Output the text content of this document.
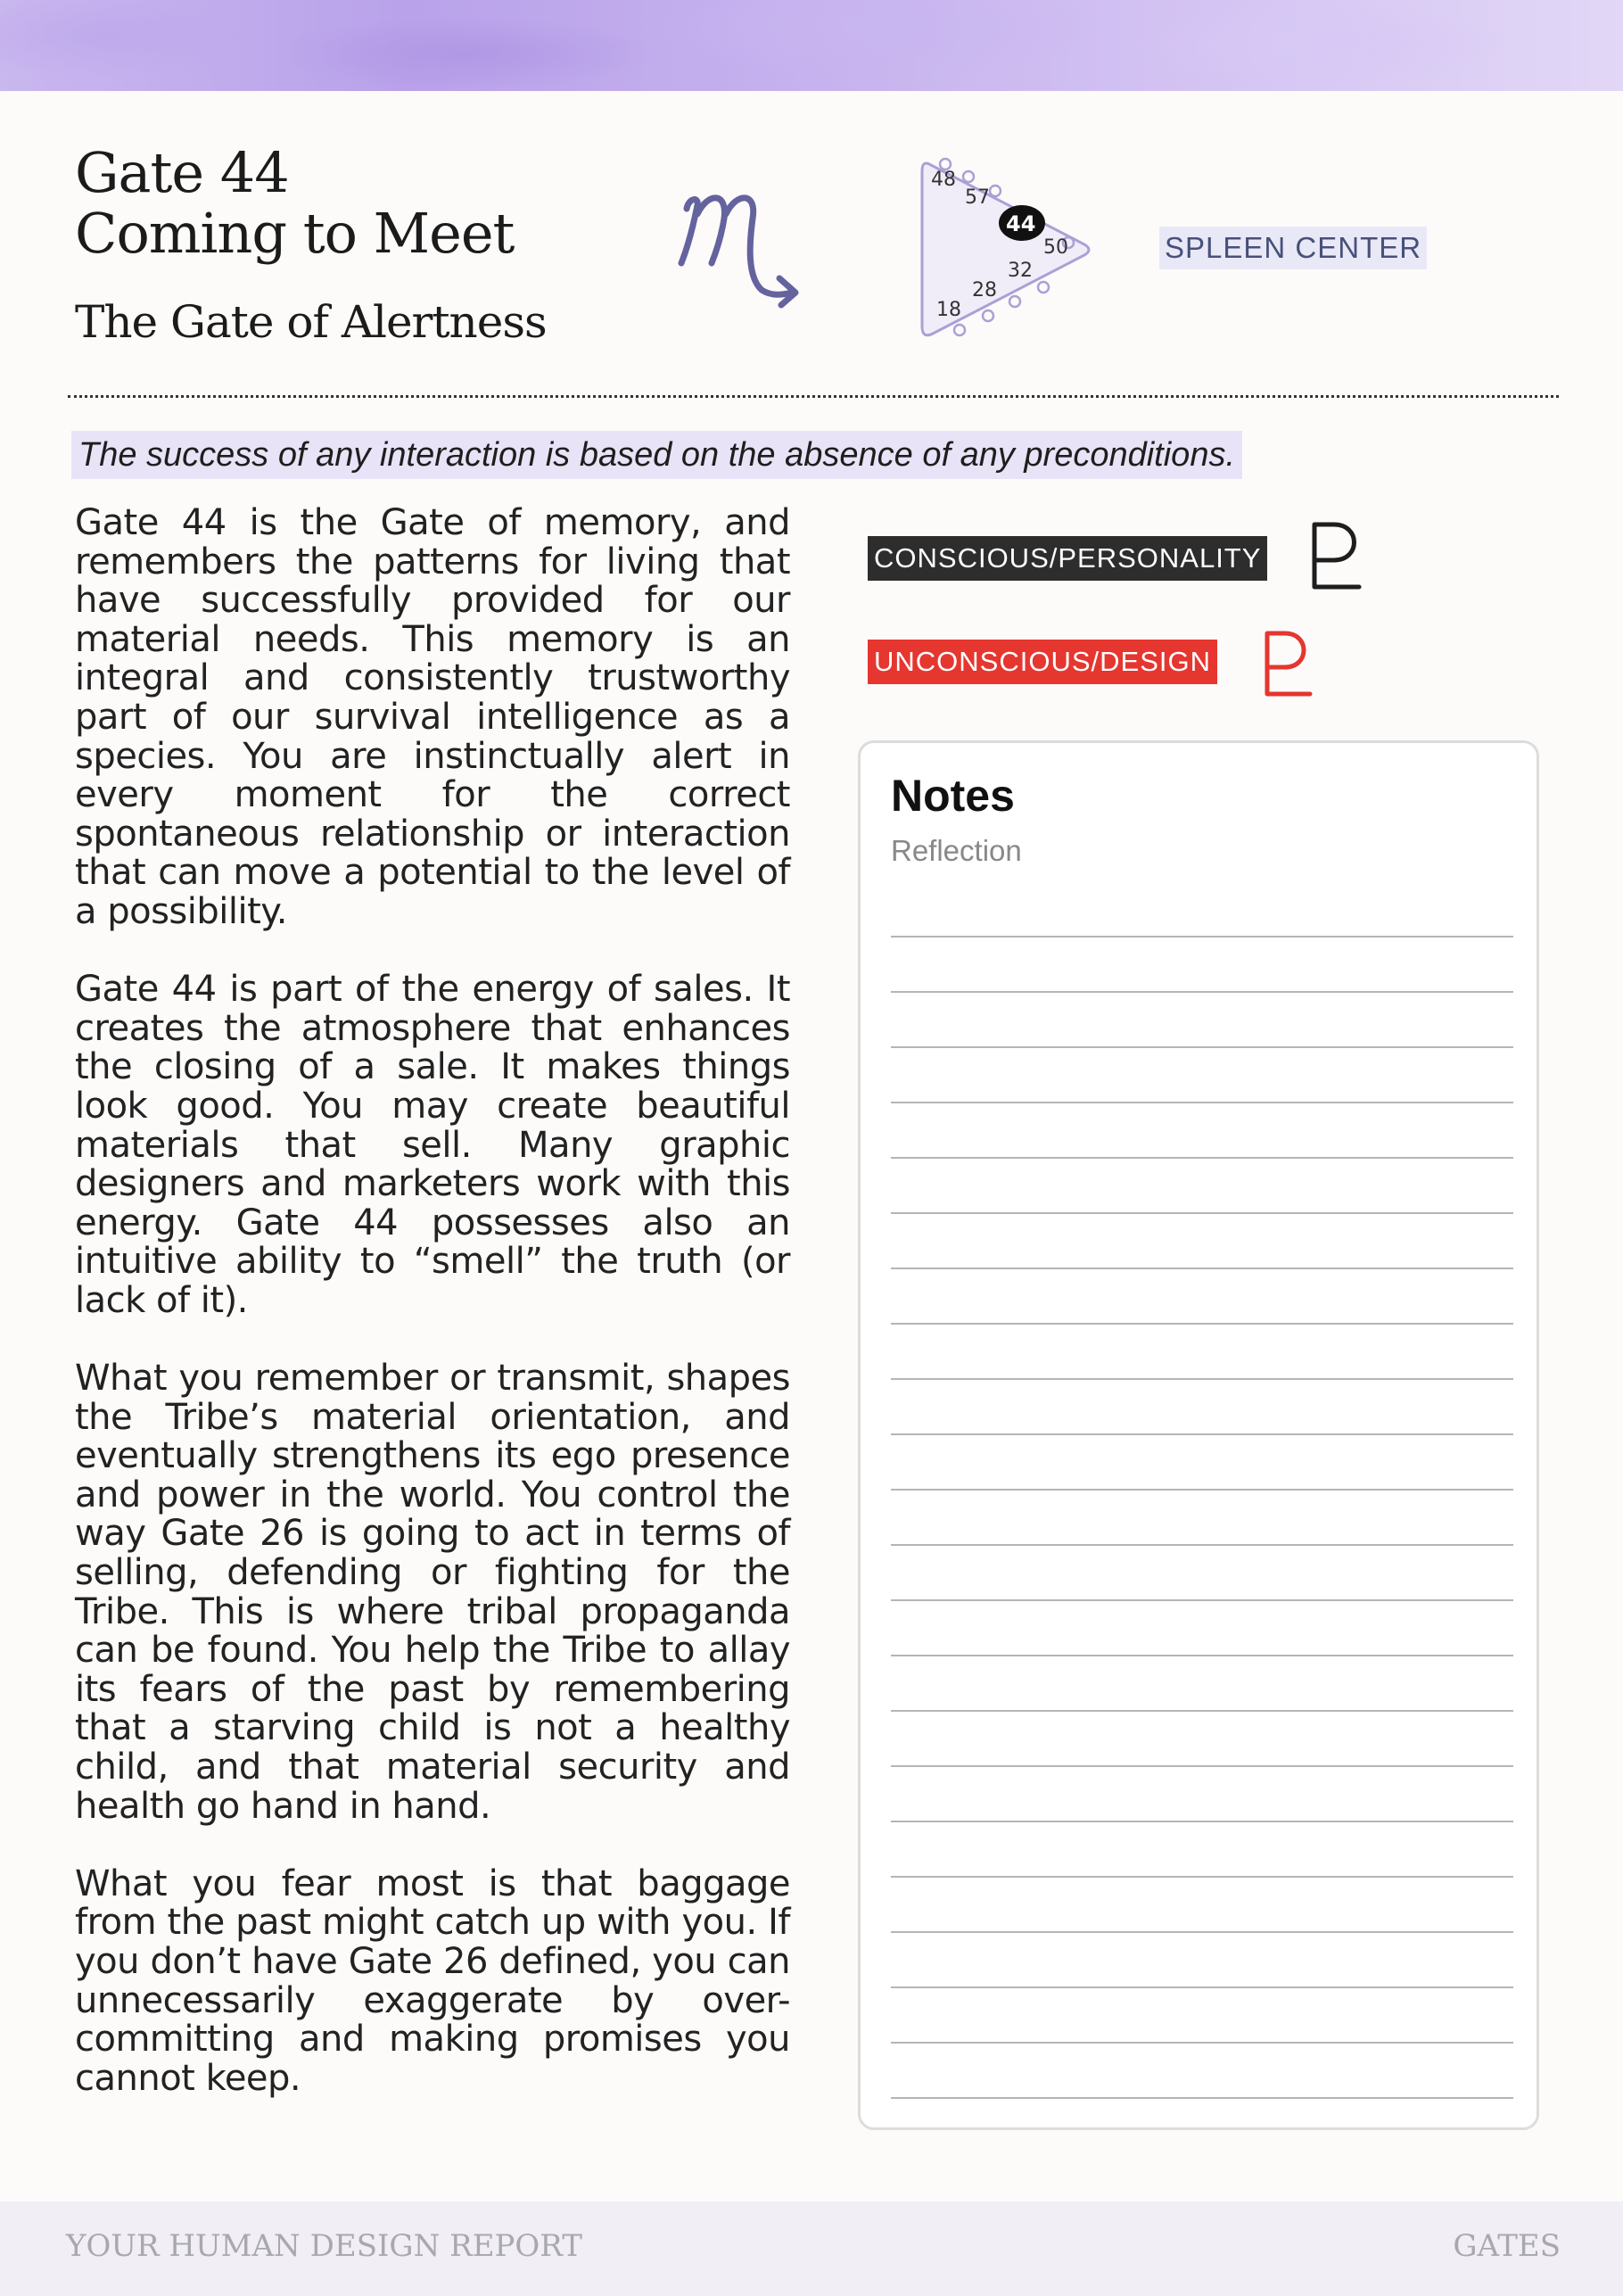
Gate 44
Coming to Meet
The Gate of Alertness
48
57
44
50
32
28
18
SPLEEN CENTER
The success of any interaction is based on the absence of any preconditions.

Gate 44 is the Gate of memory, and remembers the patterns for living that have successfully provided for our material needs. This memory is an integral and consistently trustworthy part of our survival intelligence as a species. You are instinctually alert in every moment for the correct spontaneous relationship or interaction that can move a potential to the level of a possibility.

Gate 44 is part of the energy of sales. It creates the atmosphere that enhances the closing of a sale. It makes things look good. You may create beautiful materials that sell. Many graphic designers and marketers work with this energy. Gate 44 possesses also an intuitive ability to “smell” the truth (or lack of it).

What you remember or transmit, shapes the Tribe’s material orientation, and eventually strengthens its ego presence and power in the world. You control the way Gate 26 is going to act in terms of selling, defending or fighting for the Tribe. This is where tribal propaganda can be found. You help the Tribe to allay its fears of the past by remembering that a starving child is not a healthy child, and that material security and health go hand in hand.

What you fear most is that baggage from the past might catch up with you. If you don’t have Gate 26 defined, you can unnecessarily exaggerate by over-committing and making promises you cannot keep.

CONSCIOUS/PERSONALITY
UNCONSCIOUS/DESIGN
Notes
Reflection
YOUR HUMAN DESIGN REPORT	GATES
